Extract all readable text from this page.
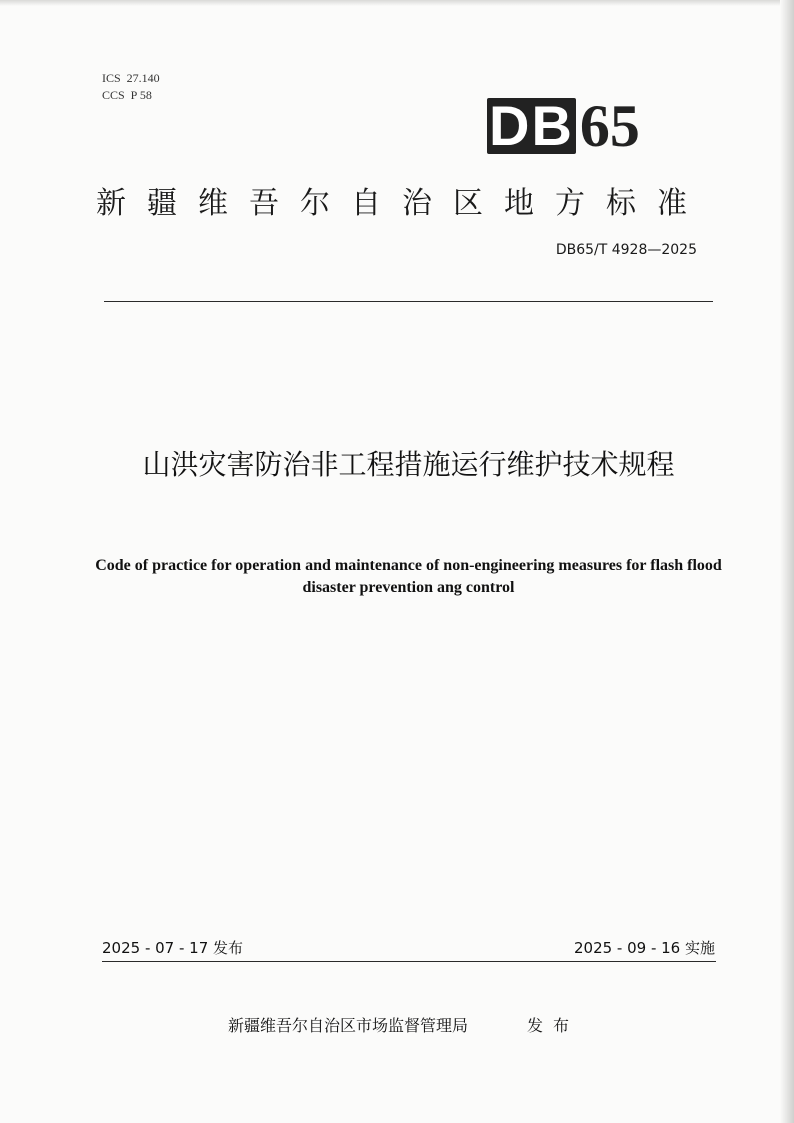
ICS  27.140
CCS  P 58	DB 65
新疆维吾尔自治区地方标准
DB65/T 4928—2025
山洪灾害防治非工程措施运行维护技术规程
Code of practice for operation and maintenance of non-engineering measures for flash flood disaster prevention ang control
2025 - 07 - 17 发布	2025 - 09 - 16 实施
新疆维吾尔自治区市场监督管理局	发布
